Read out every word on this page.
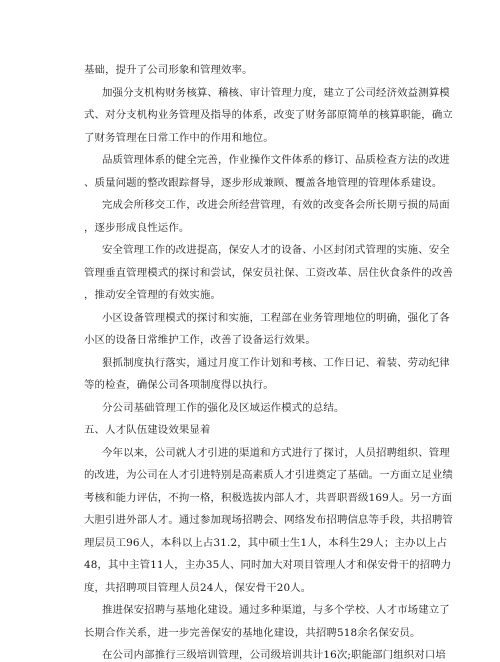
基础，提升了公司形象和管理效率。
加强分支机构财务核算、稽核、审计管理力度，建立了公司经济效益测算模
式、对分支机构业务管理及指导的体系，改变了财务部原简单的核算职能，确立
了财务管理在日常工作中的作用和地位。
品质管理体系的健全完善，作业操作文件体系的修订、品质检查方法的改进
、质量问题的整改跟踪督导，逐步形成兼顾、覆盖各地管理的管理体系建设。
完成会所移交工作，改进会所经营管理，有效的改变各会所长期亏损的局面
，逐步形成良性运作。
安全管理工作的改进提高，保安人才的设备、小区封闭式管理的实施、安全
管理垂直管理模式的探讨和尝试，保安员社保、工资改革、居住伙食条件的改善
，推动安全管理的有效实施。
小区设备管理模式的探讨和实施，工程部在业务管理地位的明确，强化了各
小区的设备日常维护工作，改善了设备运行效果。
狠抓制度执行落实，通过月度工作计划和考核、工作日记、着装、劳动纪律
等的检查，确保公司各项制度得以执行。
分公司基础管理工作的强化及区域运作模式的总结。
五、人才队伍建设效果显着
今年以来，公司就人才引进的渠道和方式进行了探讨，人员招聘组织、管理
的改进，为公司在人才引进特别是高素质人才引进奠定了基础。一方面立足业绩
考核和能力评估，不拘一格，积极选拔内部人才，共晋职晋级169人。另一方面
大胆引进外部人才。通过参加现场招聘会、网络发布招聘信息等手段，共招聘管
理层员工96人，本科以上占31.2，其中硕士生1人，本科生29人；主办以上占
48，其中主管11人，主办35人、同时加大对项目管理人才和保安骨干的招聘力
度，共招聘项目管理人员24人，保安骨干20人。
推进保安招聘与基地化建设。通过多种渠道，与多个学校、人才市场建立了
长期合作关系，进一步完善保安的基地化建设，共招聘518余名保安员。
在公司内部推行三级培训管理，公司级培训共计16次;职能部门组织对口培
